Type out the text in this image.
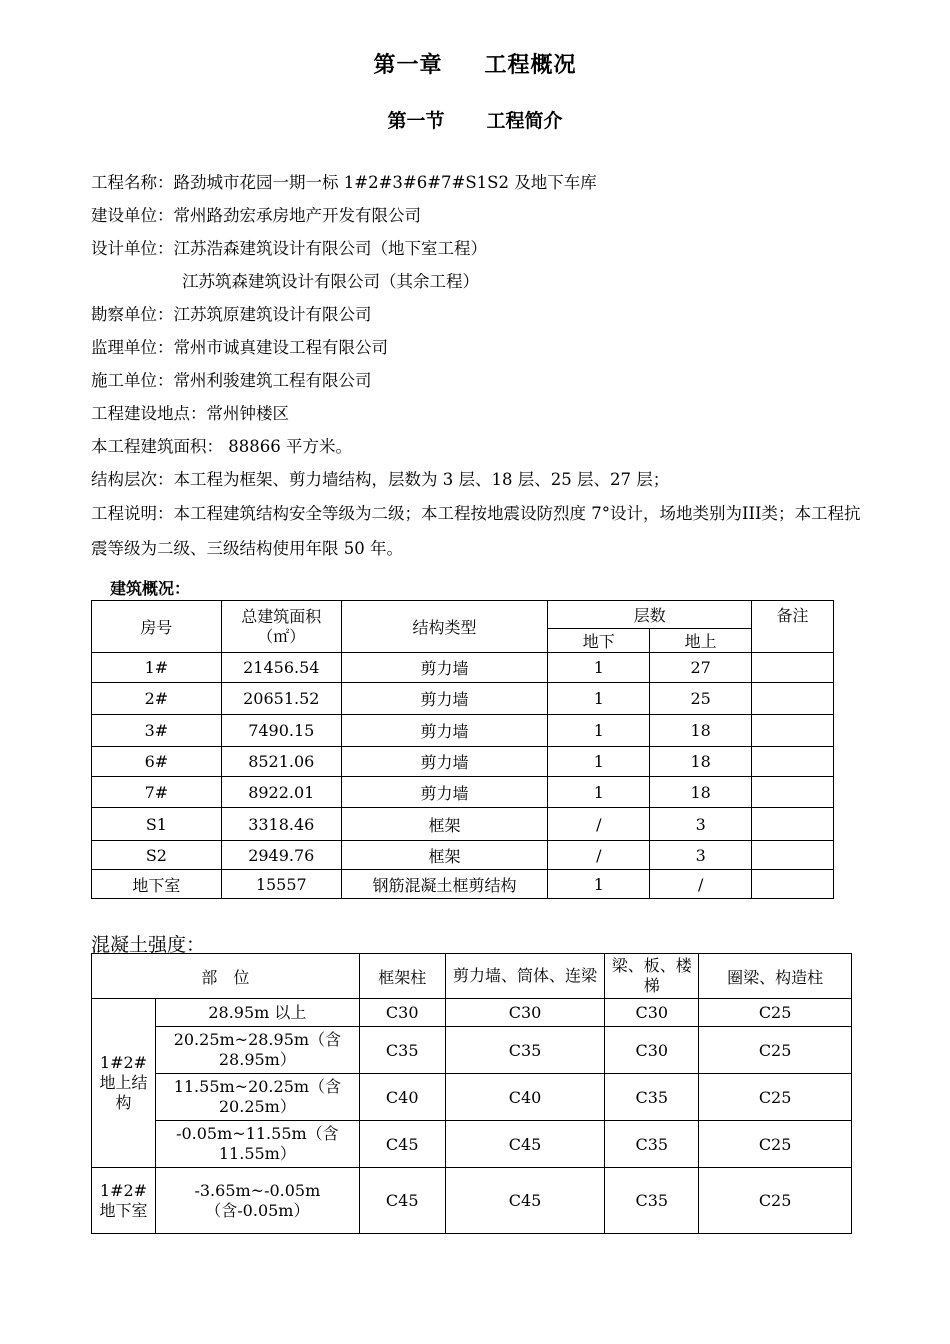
第一章 工程概况
第一节 工程简介
工程名称：路劲城市花园一期一标 1#2#3#6#7#S1S2 及地下车库
建设单位：常州路劲宏承房地产开发有限公司
设计单位：江苏浩森建筑设计有限公司（地下室工程）
江苏筑森建筑设计有限公司（其余工程）
勘察单位：江苏筑原建筑设计有限公司
监理单位：常州市诚真建设工程有限公司
施工单位：常州利骏建筑工程有限公司
工程建设地点：常州钟楼区
本工程建筑面积： 88866 平方米。
结构层次：本工程为框架、剪力墙结构，层数为 3 层、18 层、25 层、27 层；
工程说明：本工程建筑结构安全等级为二级；本工程按地震设防烈度 7°设计，场地类别为III类；本工程抗震等级为二级、三级结构使用年限 50 年。
建筑概况：
房号	总建筑面积（㎡）	结构类型	层数		备注
			地下	地上	
1#	21456.54	剪力墙	1	27	
2#	20651.52	剪力墙	1	25	
3#	7490.15	剪力墙	1	18	
6#	8521.06	剪力墙	1	18	
7#	8922.01	剪力墙	1	18	
S1	3318.46	框架	/	3	
S2	2949.76	框架	/	3	
地下室	15557	钢筋混凝土框剪结构	1	/	
混凝土强度：
部　位		框架柱	剪力墙、筒体、连梁	梁、板、楼梯	圈梁、构造柱
1#2#地上结构	28.95m 以上	C30	C30	C30	C25
	20.25m~28.95m（含28.95m）	C35	C35	C30	C25
	11.55m~20.25m（含20.25m）	C40	C40	C35	C25
	-0.05m~11.55m（含11.55m）	C45	C45	C35	C25
1#2#地下室	-3.65m~-0.05m（含-0.05m）	C45	C45	C35	C25
